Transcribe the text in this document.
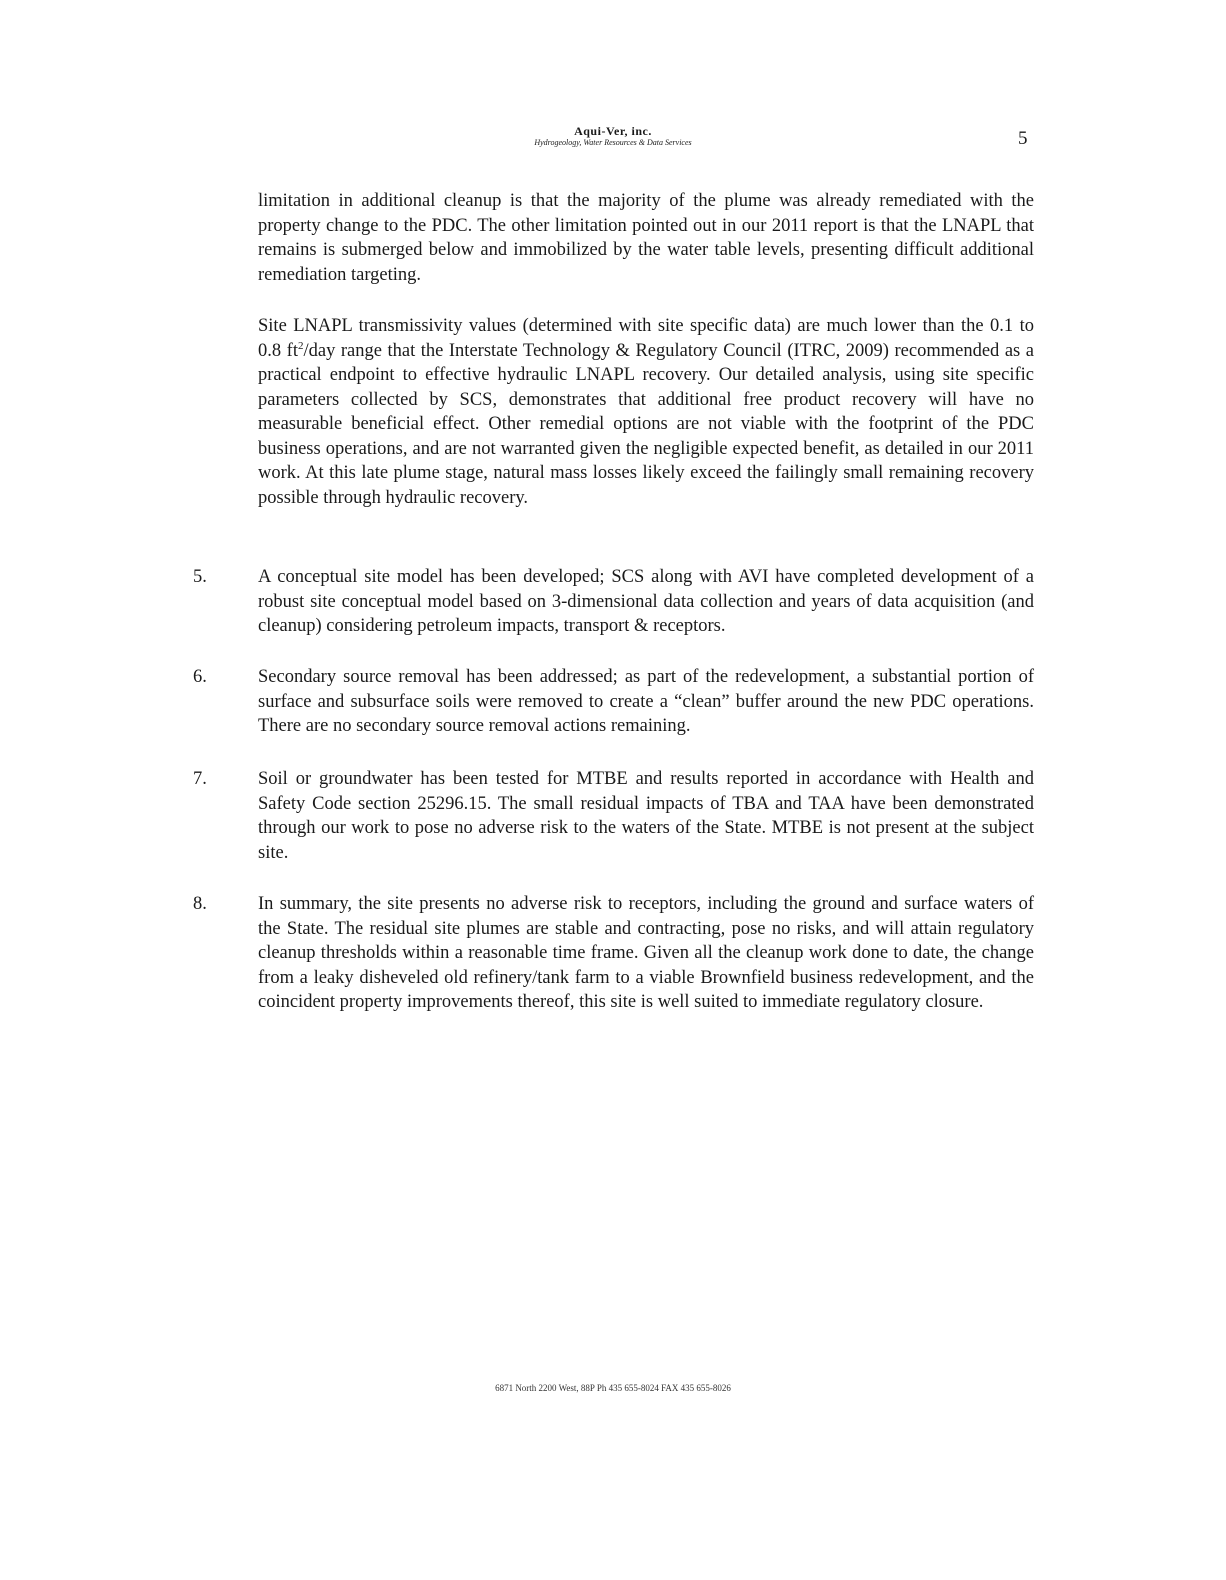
Aqui-Ver, inc.
Hydrogeology, Water Resources & Data Services	5

limitation in additional cleanup is that the majority of the plume was already remediated with the property change to the PDC. The other limitation pointed out in our 2011 report is that the LNAPL that remains is submerged below and immobilized by the water table levels, presenting difficult additional remediation targeting.

Site LNAPL transmissivity values (determined with site specific data) are much lower than the 0.1 to 0.8 $ft^2$/day range that the Interstate Technology & Regulatory Council (ITRC, 2009) recommended as a practical endpoint to effective hydraulic LNAPL recovery. Our detailed analysis, using site specific parameters collected by SCS, demonstrates that additional free product recovery will have no measurable beneficial effect. Other remedial options are not viable with the footprint of the PDC business operations, and are not warranted given the negligible expected benefit, as detailed in our 2011 work. At this late plume stage, natural mass losses likely exceed the failingly small remaining recovery possible through hydraulic recovery.

5.	A conceptual site model has been developed; SCS along with AVI have completed development of a robust site conceptual model based on 3-dimensional data collection and years of data acquisition (and cleanup) considering petroleum impacts, transport & receptors.
6.	Secondary source removal has been addressed; as part of the redevelopment, a substantial portion of surface and subsurface soils were removed to create a “clean” buffer around the new PDC operations. There are no secondary source removal actions remaining.
7.	Soil or groundwater has been tested for MTBE and results reported in accordance with Health and Safety Code section 25296.15. The small residual impacts of TBA and TAA have been demonstrated through our work to pose no adverse risk to the waters of the State. MTBE is not present at the subject site.
8.	In summary, the site presents no adverse risk to receptors, including the ground and surface waters of the State. The residual site plumes are stable and contracting, pose no risks, and will attain regulatory cleanup thresholds within a reasonable time frame. Given all the cleanup work done to date, the change from a leaky disheveled old refinery/tank farm to a viable Brownfield business redevelopment, and the coincident property improvements thereof, this site is well suited to immediate regulatory closure.
6871 North 2200 West, 88P Ph 435 655-8024 FAX 435 655-8026
